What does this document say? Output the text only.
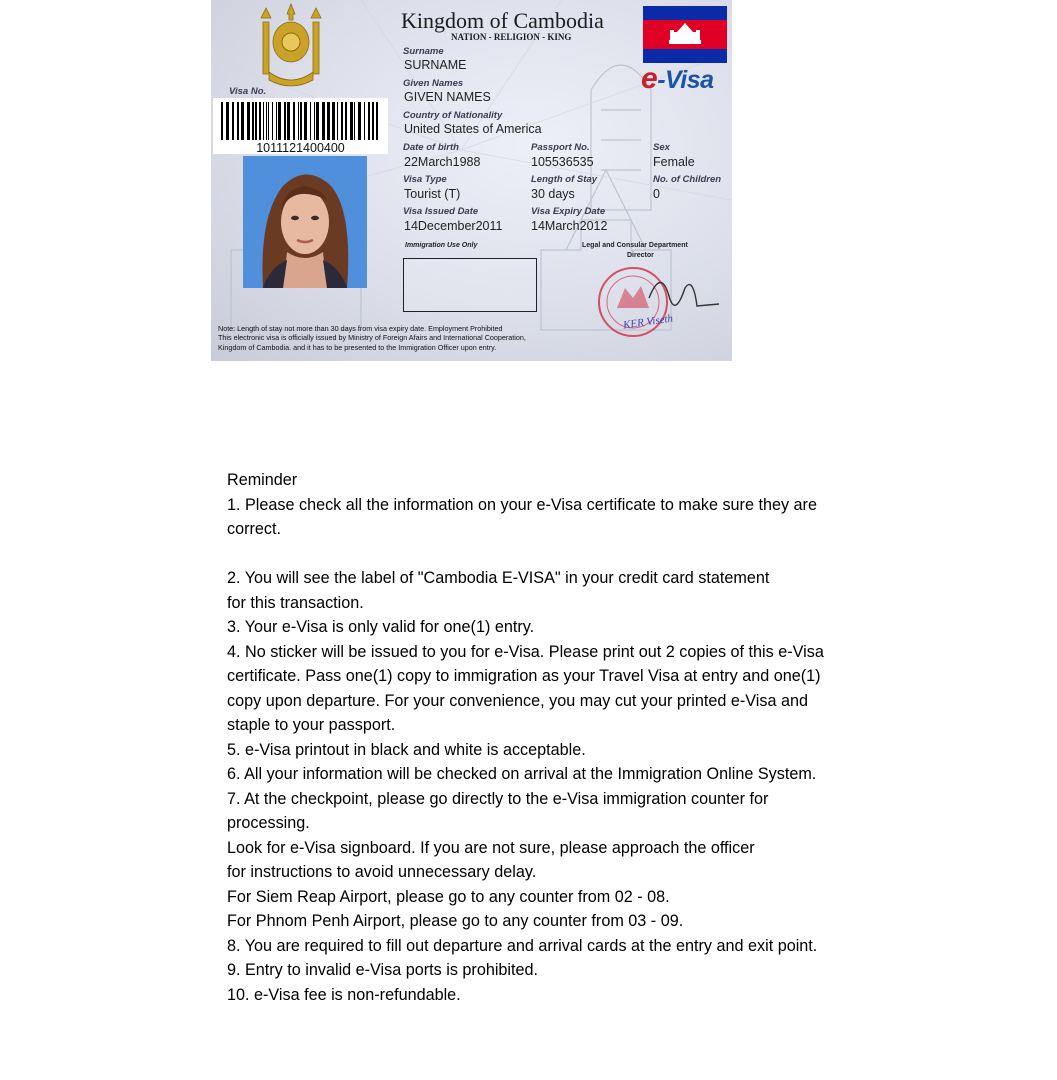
Kingdom of Cambodia
NATION - RELIGION - KING
e-Visa
Visa No.
1011121400400
Surname
SURNAME
Given Names
GIVEN NAMES
Country of Nationality
United States of America
Date of birth
22March1988
Passport No.
105536535
Sex
Female
Visa Type
Tourist (T)
Length of Stay
30 days
No. of Children
0
Visa Issued Date
14December2011
Visa Expiry Date
14March2012
Immigration Use Only	Legal and Consular Department
Director
KER Viseth
Note: Length of stay not more than 30 days from visa expiry date. Employment Prohibited
This electronic visa is officially issued by Ministry of Foreign Afairs and International Cooperation,
Kingdom of Cambodia. and it has to be presented to the Immigration Officer upon entry.
Reminder
1. Please check all the information on your e-Visa certificate to make sure they are
correct.
2. You will see the label of "Cambodia E-VISA" in your credit card statement
for this transaction.
3. Your e-Visa is only valid for one(1) entry.
4. No sticker will be issued to you for e-Visa. Please print out 2 copies of this e-Visa
certificate. Pass one(1) copy to immigration as your Travel Visa at entry and one(1)
copy upon departure. For your convenience, you may cut your printed e-Visa and
staple to your passport.
5. e-Visa printout in black and white is acceptable.
6. All your information will be checked on arrival at the Immigration Online System.
7. At the checkpoint, please go directly to the e-Visa immigration counter for
processing.
Look for e-Visa signboard. If you are not sure, please approach the officer
for instructions to avoid unnecessary delay.
For Siem Reap Airport, please go to any counter from 02 - 08.
For Phnom Penh Airport, please go to any counter from 03 - 09.
8. You are required to fill out departure and arrival cards at the entry and exit point.
9. Entry to invalid e-Visa ports is prohibited.
10. e-Visa fee is non-refundable.
